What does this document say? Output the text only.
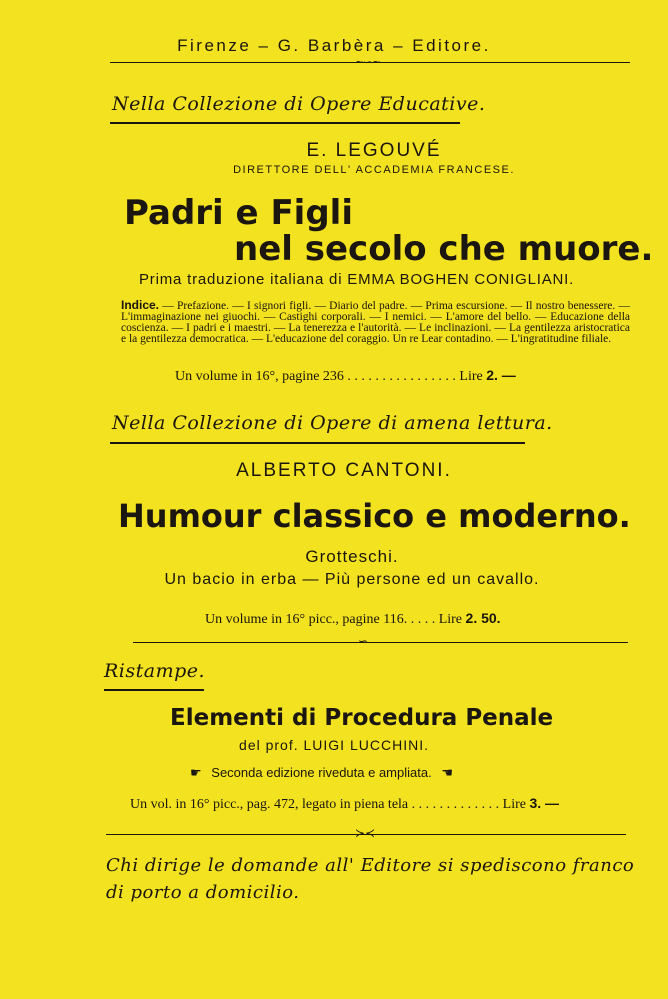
Firenze – G. Barbèra – Editore.
~∽~
Nella Collezione di Opere Educative.
E. LEGOUVÉ
DIRETTORE DELL' ACCADEMIA FRANCESE.
Padri e Figli
nel secolo che muore.
Prima traduzione italiana di EMMA BOGHEN CONIGLIANI.
Indice. — Prefazione. — I signori figli. — Diario del padre. — Prima escursione. — Il nostro benessere. — L'immaginazione nei giuochi. — Castighi corporali. — I nemici. — L'amore del bello. — Educazione della coscienza. — I padri e i maestri. — La tenerezza e l'autorità. — Le inclinazioni. — La gentilezza aristocratica e la gentilezza democratica. — L'educazione del coraggio. Un re Lear contadino. — L'ingratitudine filiale.
Un volume in 16°, pagine 236 . . . . . . . . . . . . . . . . Lire 2. —
Nella Collezione di Opere di amena lettura.
ALBERTO CANTONI.
Humour classico e moderno.
Grotteschi.
Un bacio in erba — Più persone ed un cavallo.
Un volume in 16° picc., pagine 116. . . . . Lire 2. 50.
∽
Ristampe.
Elementi di Procedura Penale
del prof. LUIGI LUCCHINI.
☛ Seconda edizione riveduta e ampliata. ☚
Un vol. in 16° picc., pag. 472, legato in piena tela . . . . . . . . . . . . . Lire 3. —
≻≺
Chi dirige le domande all' Editore si spediscono franco di porto a domicilio.
